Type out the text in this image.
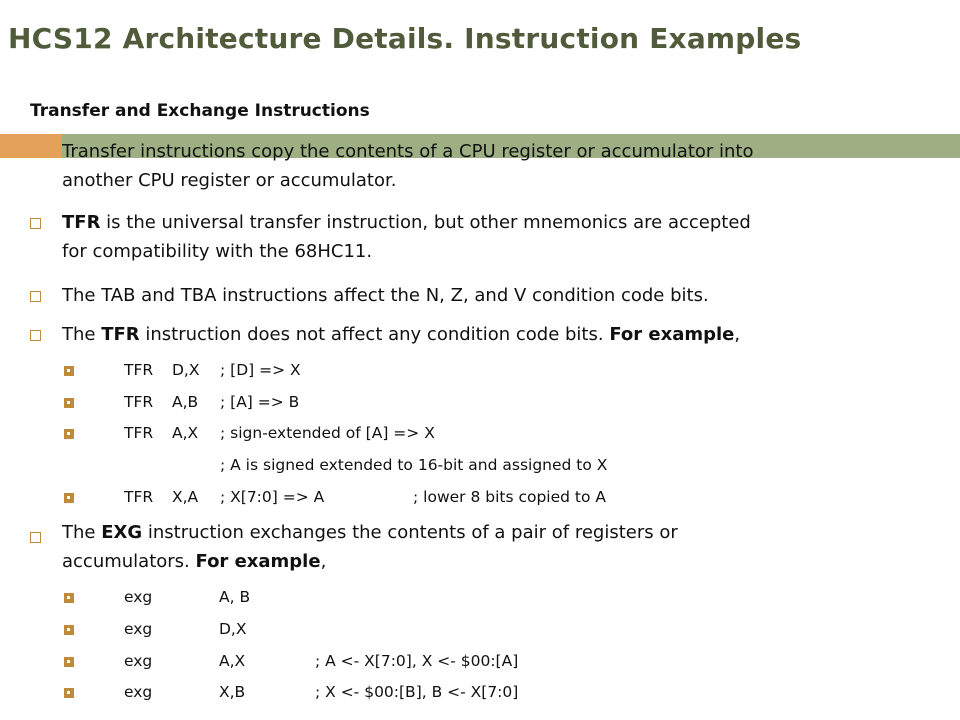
HCS12 Architecture Details. Instruction Examples
Transfer and Exchange Instructions
Transfer instructions copy the contents of a CPU register or accumulator into
another CPU register or accumulator.
TFR is the universal transfer instruction, but other mnemonics are accepted
for compatibility with the 68HC11.
The TAB and TBA instructions affect the N, Z, and V condition code bits.
The TFR instruction does not affect any condition code bits. For example,
TFR D,X ; [D] => X
TFR A,B ; [A] => B
TFR A,X ; sign-extended of [A] => X
; A is signed extended to 16-bit and assigned to X
TFR X,A ; X[7:0] => A	; lower 8 bits copied to A
The EXG instruction exchanges the contents of a pair of registers or
accumulators. For example,
exg	A, B
exg	D,X
exg	A,X	; A <- X[7:0], X <- $00:[A]
exg	X,B	; X <- $00:[B], B <- X[7:0]
